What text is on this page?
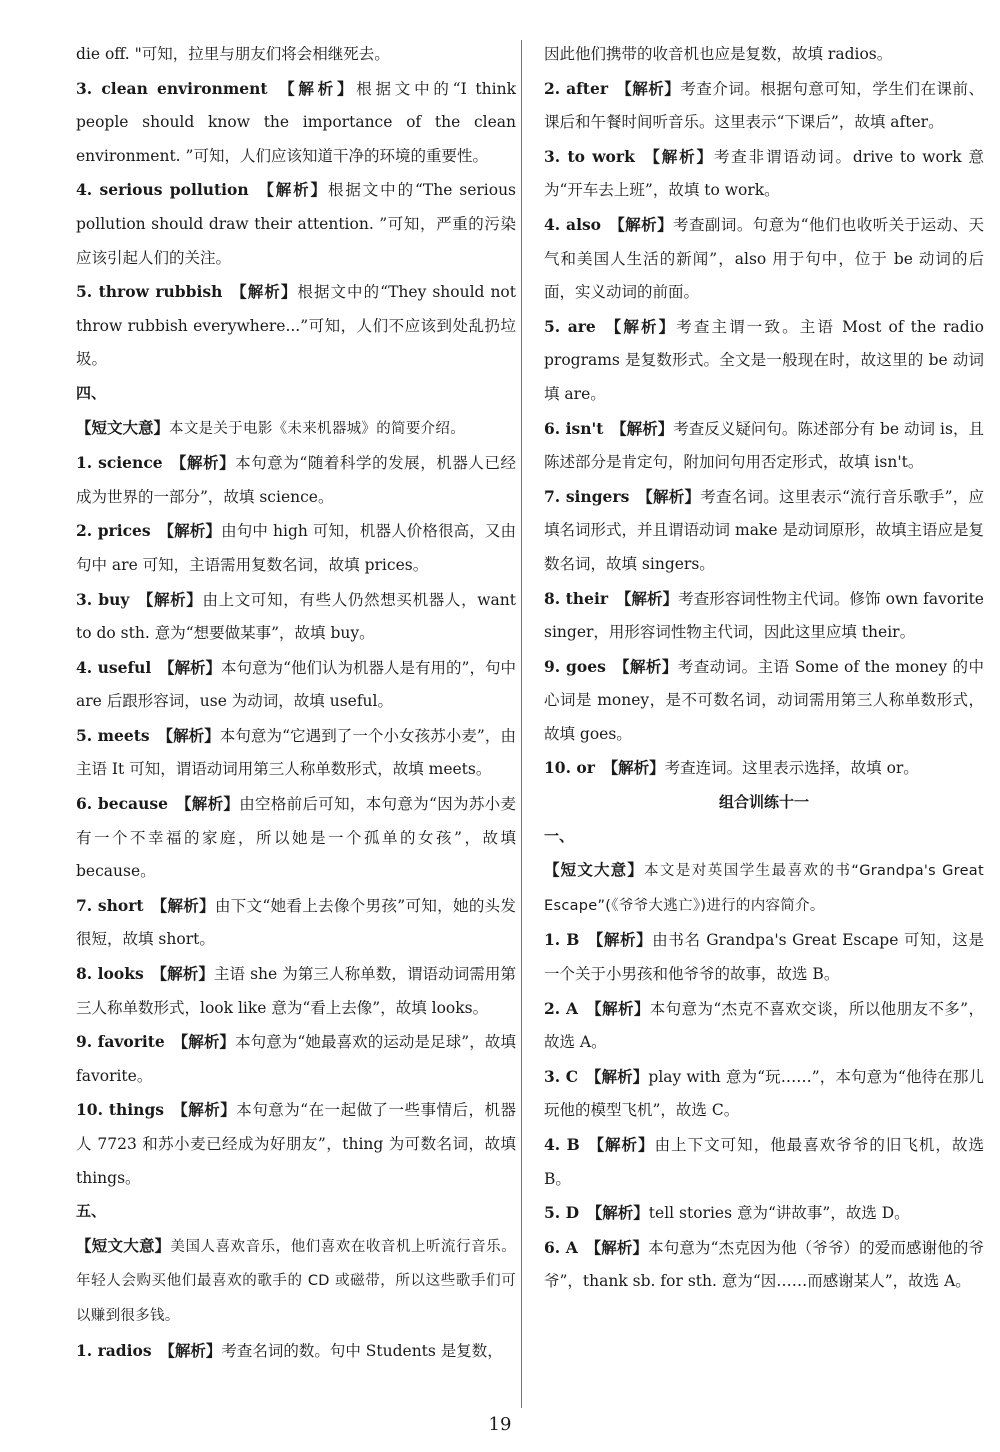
die off. "可知，拉里与朋友们将会相继死去。

3. clean environment  【解析】根据文中的“I think people should know the importance of the clean environment. ”可知，人们应该知道干净的环境的重要性。

4. serious pollution  【解析】根据文中的“The serious pollution should draw their attention. ”可知，严重的污染应该引起人们的关注。

5. throw rubbish  【解析】根据文中的“They should not throw rubbish everywhere...”可知，人们不应该到处乱扔垃圾。

四、

【短文大意】本文是关于电影《未来机器城》的简要介绍。

1. science  【解析】本句意为“随着科学的发展，机器人已经成为世界的一部分”，故填 science。

2. prices  【解析】由句中 high 可知，机器人价格很高，又由句中 are 可知，主语需用复数名词，故填 prices。

3. buy  【解析】由上文可知，有些人仍然想买机器人，want to do sth. 意为“想要做某事”，故填 buy。

4. useful  【解析】本句意为“他们认为机器人是有用的”，句中 are 后跟形容词，use 为动词，故填 useful。

5. meets  【解析】本句意为“它遇到了一个小女孩苏小麦”，由主语 It 可知，谓语动词用第三人称单数形式，故填 meets。

6. because  【解析】由空格前后可知，本句意为“因为苏小麦有一个不幸福的家庭，所以她是一个孤单的女孩”，故填 because。

7. short  【解析】由下文“她看上去像个男孩”可知，她的头发很短，故填 short。

8. looks  【解析】主语 she 为第三人称单数，谓语动词需用第三人称单数形式，look like 意为“看上去像”，故填 looks。

9. favorite  【解析】本句意为“她最喜欢的运动是足球”，故填 favorite。

10. things  【解析】本句意为“在一起做了一些事情后，机器人 7723 和苏小麦已经成为好朋友”，thing 为可数名词，故填 things。

五、

【短文大意】美国人喜欢音乐，他们喜欢在收音机上听流行音乐。年轻人会购买他们最喜欢的歌手的 CD 或磁带，所以这些歌手们可以赚到很多钱。

1. radios  【解析】考查名词的数。句中 Students 是复数，

因此他们携带的收音机也应是复数，故填 radios。

2. after  【解析】考查介词。根据句意可知，学生们在课前、课后和午餐时间听音乐。这里表示“下课后”，故填 after。

3. to work  【解析】考查非谓语动词。drive to work 意为“开车去上班”，故填 to work。

4. also  【解析】考查副词。句意为“他们也收听关于运动、天气和美国人生活的新闻”，also 用于句中，位于 be 动词的后面，实义动词的前面。

5. are  【解析】考查主谓一致。主语 Most of the radio programs 是复数形式。全文是一般现在时，故这里的 be 动词填 are。

6. isn't  【解析】考查反义疑问句。陈述部分有 be 动词 is，且陈述部分是肯定句，附加问句用否定形式，故填 isn't。

7. singers  【解析】考查名词。这里表示“流行音乐歌手”，应填名词形式，并且谓语动词 make 是动词原形，故填主语应是复数名词，故填 singers。

8. their  【解析】考查形容词性物主代词。修饰 own favorite singer，用形容词性物主代词，因此这里应填 their。

9. goes  【解析】考查动词。主语 Some of the money 的中心词是 money，是不可数名词，动词需用第三人称单数形式，故填 goes。

10. or  【解析】考查连词。这里表示选择，故填 or。

组合训练十一

一、

【短文大意】本文是对英国学生最喜欢的书“Grandpa's Great Escape”(《爷爷大逃亡》)进行的内容简介。

1. B  【解析】由书名 Grandpa's Great Escape 可知，这是一个关于小男孩和他爷爷的故事，故选 B。

2. A  【解析】本句意为“杰克不喜欢交谈，所以他朋友不多”，故选 A。

3. C  【解析】play with 意为“玩……”，本句意为“他待在那儿玩他的模型飞机”，故选 C。

4. B  【解析】由上下文可知，他最喜欢爷爷的旧飞机，故选 B。

5. D  【解析】tell stories 意为“讲故事”，故选 D。

6. A  【解析】本句意为“杰克因为他（爷爷）的爱而感谢他的爷爷”，thank sb. for sth. 意为“因……而感谢某人”，故选 A。

19
